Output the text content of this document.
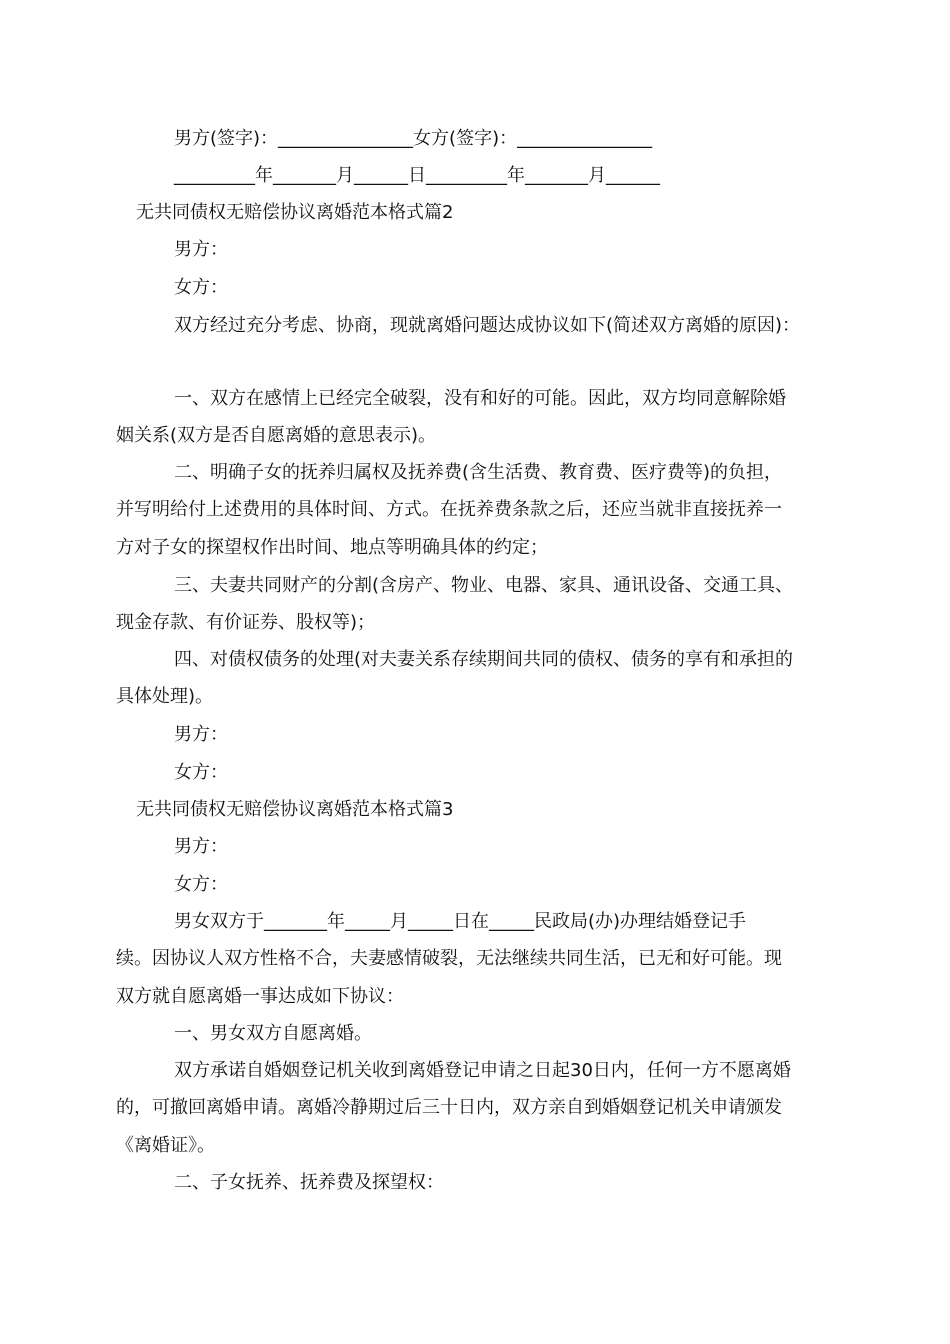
男方(签字)：_______________女方(签字)：_______________
_________年_______月______日_________年_______月______
无共同债权无赔偿协议离婚范本格式篇2
男方：
女方：
双方经过充分考虑、协商，现就离婚问题达成协议如下(简述双方离婚的原因)：
一、双方在感情上已经完全破裂，没有和好的可能。因此，双方均同意解除婚
姻关系(双方是否自愿离婚的意思表示)。
二、明确子女的抚养归属权及抚养费(含生活费、教育费、医疗费等)的负担，
并写明给付上述费用的具体时间、方式。在抚养费条款之后，还应当就非直接抚养一
方对子女的探望权作出时间、地点等明确具体的约定；
三、夫妻共同财产的分割(含房产、物业、电器、家具、通讯设备、交通工具、
现金存款、有价证券、股权等)；
四、对债权债务的处理(对夫妻关系存续期间共同的债权、债务的享有和承担的
具体处理)。
男方：
女方：
无共同债权无赔偿协议离婚范本格式篇3
男方：
女方：
男女双方于_______年_____月_____日在_____民政局(办)办理结婚登记手
续。因协议人双方性格不合，夫妻感情破裂，无法继续共同生活，已无和好可能。现
双方就自愿离婚一事达成如下协议：
一、男女双方自愿离婚。
双方承诺自婚姻登记机关收到离婚登记申请之日起30日内，任何一方不愿离婚
的，可撤回离婚申请。离婚冷静期过后三十日内，双方亲自到婚姻登记机关申请颁发
《离婚证》。
二、子女抚养、抚养费及探望权：
